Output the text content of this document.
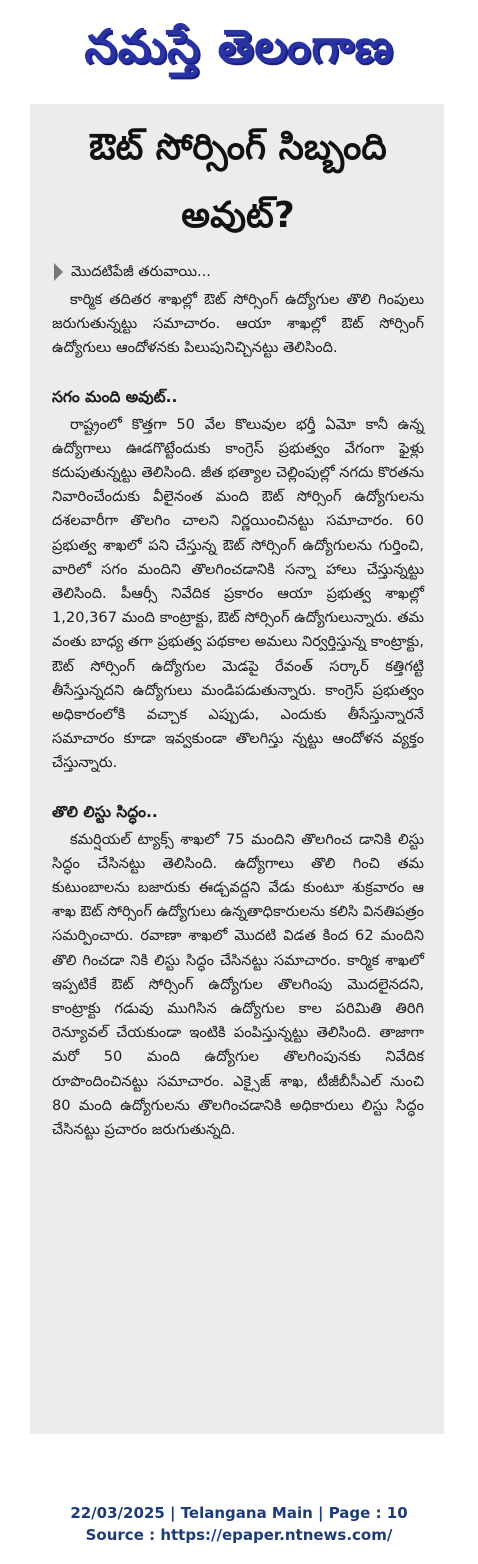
నమస్తే తెలంగాణ
ఔట్ సోర్సింగ్ సిబ్బంది అవుట్?
మొదటిపేజీ తరువాయి...

కార్మిక తదితర శాఖల్లో ఔట్ సోర్సింగ్ ఉద్యోగుల తొలి గింపులు జరుగుతున్నట్టు సమాచారం. ఆయా శాఖల్లో ఔట్ సోర్సింగ్ ఉద్యోగులు ఆందోళనకు పిలుపునిచ్చినట్టు తెలిసింది.

సగం మంది అవుట్..

రాష్ట్రంలో కొత్తగా 50 వేల కొలువుల భర్తీ ఏమో కానీ ఉన్న ఉద్యోగాలు ఊడగొట్టేందుకు కాంగ్రెస్ ప్రభుత్వం వేగంగా ఫైళ్లు కదుపుతున్నట్టు తెలిసింది. జీత భత్యాల చెల్లింపుల్లో నగదు కొరతను నివారించేందుకు వీలైనంత మంది ఔట్ సోర్సింగ్ ఉద్యోగులను దశలవారీగా తొలగిం చాలని నిర్ణయించినట్టు సమాచారం. 60 ప్రభుత్వ శాఖలో పని చేస్తున్న ఔట్ సోర్సింగ్ ఉద్యోగులను గుర్తించి, వారిలో సగం మందిని తొలగించడానికి సన్నా హాలు చేస్తున్నట్టు తెలిసింది. పీఆర్సీ నివేదిక ప్రకారం ఆయా ప్రభుత్వ శాఖల్లో 1,20,367 మంది కాంట్రాక్టు, ఔట్ సోర్సింగ్ ఉద్యోగులున్నారు. తమ వంతు బాధ్య తగా ప్రభుత్వ పథకాల అమలు నిర్వర్తిస్తున్న కాంట్రాక్టు, ఔట్ సోర్సింగ్ ఉద్యోగుల మెడపై రేవంత్ సర్కార్ కత్తిగట్టి తీసేస్తున్నదని ఉద్యోగులు మండిపడుతున్నారు. కాంగ్రెస్ ప్రభుత్వం అధికారంలోకి వచ్చాక ఎప్పుడు, ఎందుకు తీసేస్తున్నారనే సమాచారం కూడా ఇవ్వకుండా తొలగిస్తు న్నట్టు ఆందోళన వ్యక్తం చేస్తున్నారు.

తొలి లిస్టు సిద్ధం..

కమర్షియల్ ట్యాక్స్ శాఖలో 75 మందిని తొలగించ డానికి లిస్టు సిద్ధం చేసినట్టు తెలిసింది. ఉద్యోగాలు తొలి గించి తమ కుటుంబాలను బజారుకు ఈడ్చవద్దని వేడు కుంటూ శుక్రవారం ఆ శాఖ ఔట్ సోర్సింగ్ ఉద్యోగులు ఉన్నతాధికారులను కలిసి వినతిపత్రం సమర్పించారు. రవాణా శాఖలో మొదటి విడత కింద 62 మందిని తొలి గించడా నికి లిస్టు సిద్ధం చేసినట్టు సమాచారం. కార్మిక శాఖలో ఇప్పటికే ఔట్ సోర్సింగ్ ఉద్యోగుల తొలగింపు మొదలైనదని, కాంట్రాక్టు గడువు ముగిసిన ఉద్యోగుల కాల పరిమితి తిరిగి రెన్యూవల్ చేయకుండా ఇంటికి పంపిస్తున్నట్టు తెలిసింది. తాజాగా మరో 50 మంది ఉద్యోగుల తొలగింపునకు నివేదిక రూపొందించినట్టు సమాచారం. ఎక్సైజ్ శాఖ, టీజీబీసీఎల్ నుంచి 80 మంది ఉద్యోగులను తొలగించడానికి అధికారులు లిస్టు సిద్ధం చేసినట్టు ప్రచారం జరుగుతున్నది.

22/03/2025 | Telangana Main | Page : 10
Source : https://epaper.ntnews.com/
